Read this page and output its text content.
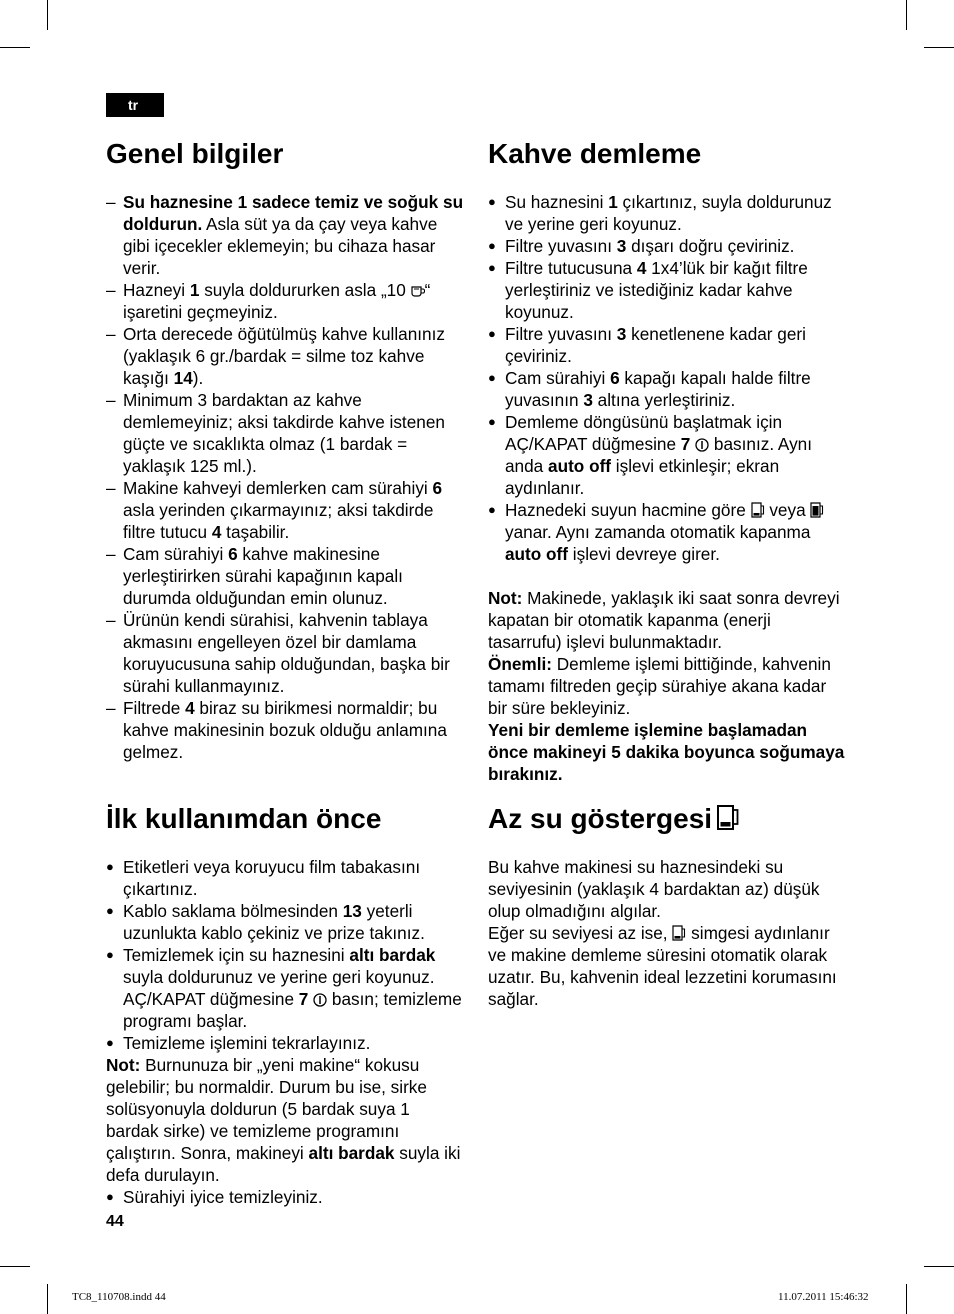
tr
Genel bilgiler
– Su haznesine 1 sadece temiz ve soğuk su doldurun. Asla süt ya da çay veya kahve gibi içecekler eklemeyin; bu cihaza hasar verir.
– Hazneyi 1 suyla doldururken asla „10 “ işaretini geçmeyiniz.
– Orta derecede öğütülmüş kahve kullanınız (yaklaşık 6 gr./bardak = silme toz kahve kaşığı 14).
– Minimum 3 bardaktan az kahve demlemeyiniz; aksi takdirde kahve istenen güçte ve sıcaklıkta olmaz (1 bardak = yaklaşık 125 ml.).
– Makine kahveyi demlerken cam sürahiyi 6 asla yerinden çıkarmayınız; aksi takdirde filtre tutucu 4 taşabilir.
– Cam sürahiyi 6 kahve makinesine yerleştirirken sürahi kapağının kapalı durumda olduğundan emin olunuz.
– Ürünün kendi sürahisi, kahvenin tablaya akmasını engelleyen özel bir damlama koruyucusuna sahip olduğundan, başka bir sürahi kullanmayınız.
– Filtrede 4 biraz su birikmesi normaldir; bu kahve makinesinin bozuk olduğu anlamına gelmez.
Kahve demleme
● Su haznesini 1 çıkartınız, suyla doldurunuz ve yerine geri koyunuz.
● Filtre yuvasını 3 dışarı doğru çeviriniz.
● Filtre tutucusuna 4 1x4’lük bir kağıt filtre yerleştiriniz ve istediğiniz kadar kahve koyunuz.
● Filtre yuvasını 3 kenetlenene kadar geri çeviriniz.
● Cam sürahiyi 6 kapağı kapalı halde filtre yuvasının 3 altına yerleştiriniz.
● Demleme döngüsünü başlatmak için AÇ/KAPAT düğmesine 7  basınız. Aynı anda auto off işlevi etkinleşir; ekran aydınlanır.
● Haznedeki suyun hacmine göre  veya  yanar. Aynı zamanda otomatik kapanma auto off işlevi devreye girer.

Not: Makinede, yaklaşık iki saat sonra devreyi kapatan bir otomatik kapanma (enerji tasarrufu) işlevi bulunmaktadır.

Önemli: Demleme işlemi bittiğinde, kahvenin tamamı filtreden geçip sürahiye akana kadar bir süre bekleyiniz.

Yeni bir demleme işlemine başlamadan önce makineyi 5 dakika boyunca soğumaya bırakınız.

İlk kullanımdan önce
● Etiketleri veya koruyucu film tabakasını çıkartınız.
● Kablo saklama bölmesinden 13 yeterli uzunlukta kablo çekiniz ve prize takınız.
● Temizlemek için su haznesini altı bardak suyla doldurunuz ve yerine geri koyunuz. AÇ/KAPAT düğmesine 7  basın; temizleme programı başlar.
● Temizleme işlemini tekrarlayınız.

Not: Burnunuza bir „yeni makine“ kokusu gelebilir; bu normaldir. Durum bu ise, sirke solüsyonuyla doldurun (5 bardak suya 1 bardak sirke) ve temizleme programını çalıştırın. Sonra, makineyi altı bardak suyla iki defa durulayın.

● Sürahiyi iyice temizleyiniz.
Az su göstergesi

Bu kahve makinesi su haznesindeki su seviyesinin (yaklaşık 4 bardaktan az) düşük olup olmadığını algılar.

Eğer su seviyesi az ise,  simgesi aydınlanır ve makine demleme süresini otomatik olarak uzatır. Bu, kahvenin ideal lezzetini korumasını sağlar.

44
TC8_110708.indd 44	11.07.2011 15:46:32
